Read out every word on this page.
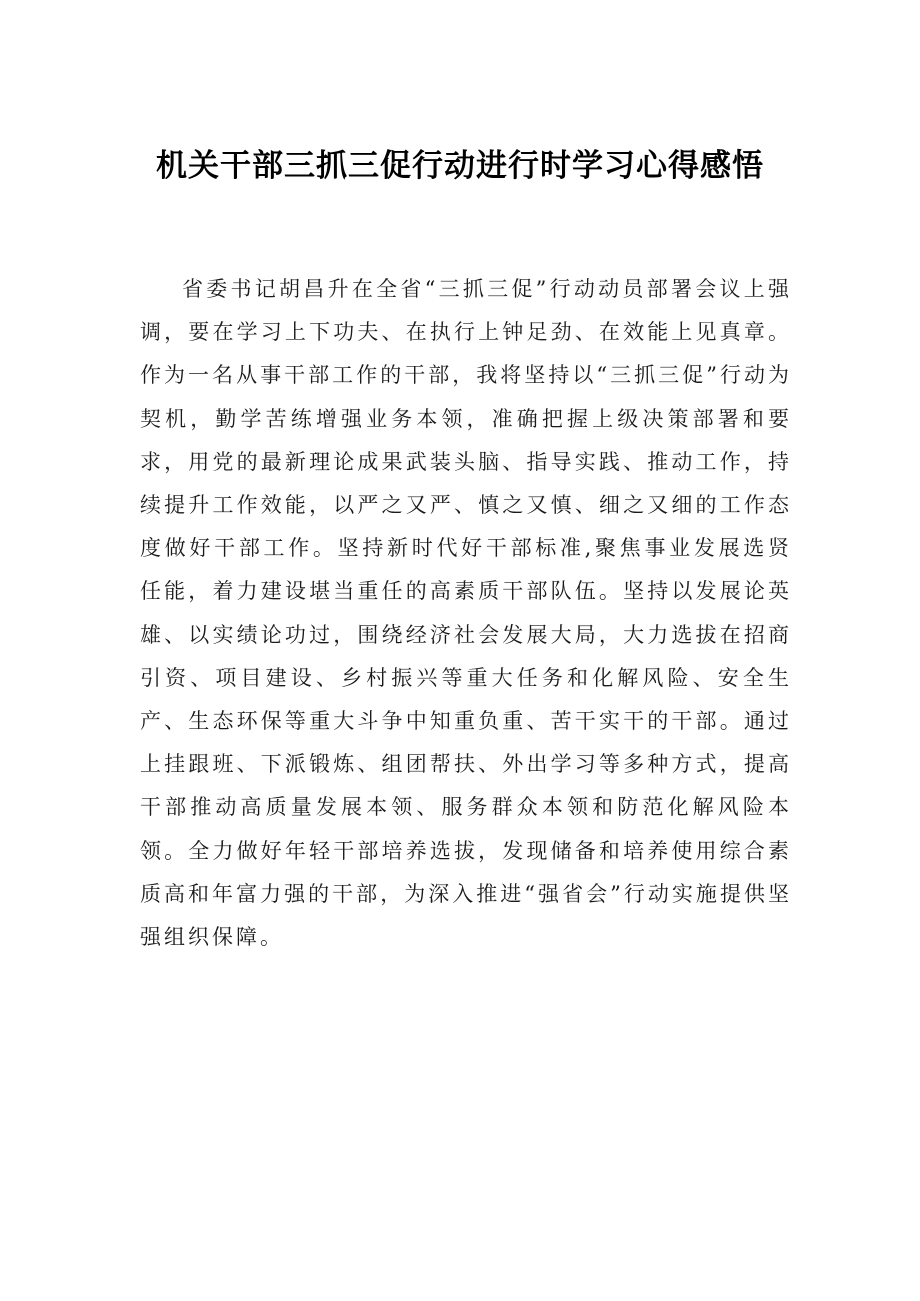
机关干部三抓三促行动进行时学习心得感悟

省委书记胡昌升在全省“三抓三促”行动动员部署会议上强调，要在学习上下功夫、在执行上钟足劲、在效能上见真章。作为一名从事干部工作的干部，我将坚持以“三抓三促”行动为契机，勤学苦练增强业务本领，准确把握上级决策部署和要求，用党的最新理论成果武装头脑、指导实践、推动工作，持续提升工作效能，以严之又严、慎之又慎、细之又细的工作态度做好干部工作。坚持新时代好干部标准,聚焦事业发展选贤任能，着力建设堪当重任的高素质干部队伍。坚持以发展论英雄、以实绩论功过，围绕经济社会发展大局，大力选拔在招商引资、项目建设、乡村振兴等重大任务和化解风险、安全生产、生态环保等重大斗争中知重负重、苦干实干的干部。通过上挂跟班、下派锻炼、组团帮扶、外出学习等多种方式，提高干部推动高质量发展本领、服务群众本领和防范化解风险本领。全力做好年轻干部培养选拔，发现储备和培养使用综合素质高和年富力强的干部，为深入推进“强省会”行动实施提供坚强组织保障。
